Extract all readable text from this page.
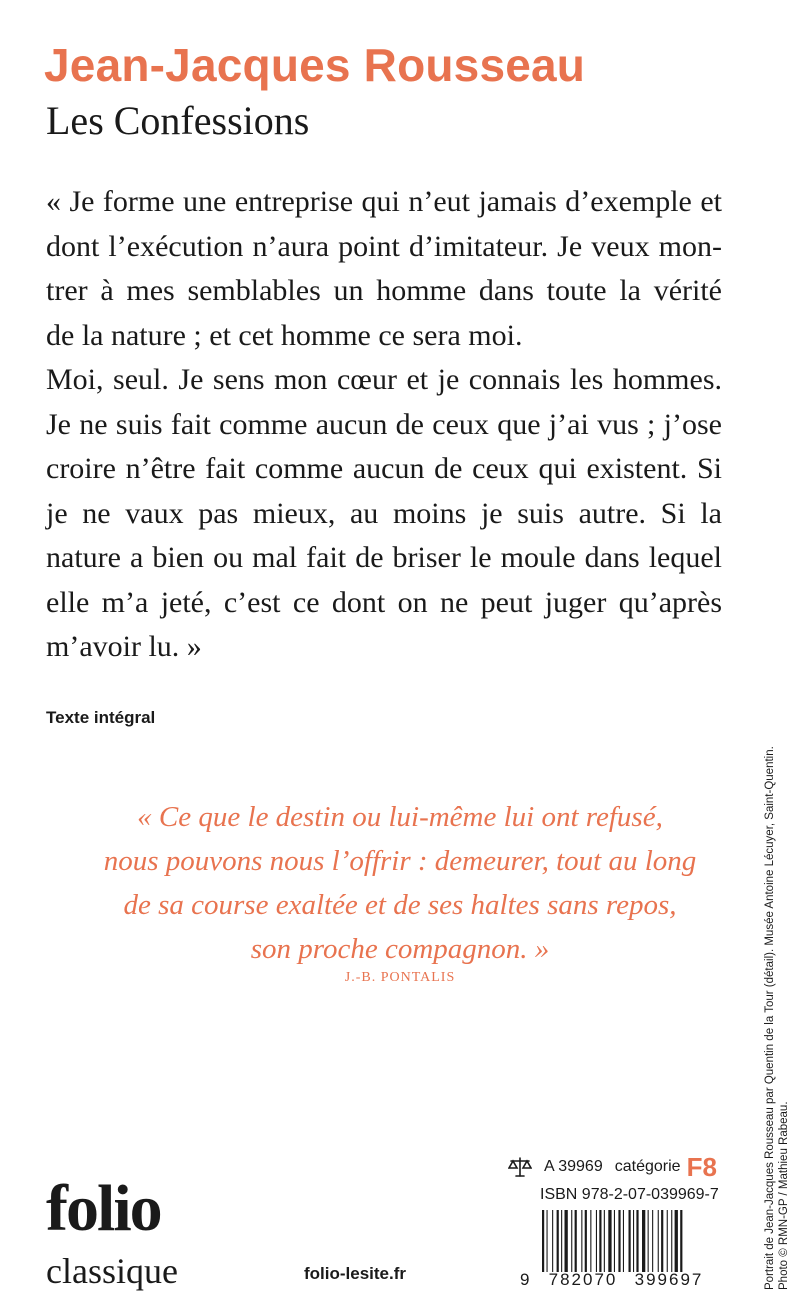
Jean-Jacques Rousseau
Les Confessions
« Je forme une entreprise qui n’eut jamais d’exemple et
dont l’exécution n’aura point d’imitateur. Je veux mon-
trer à mes semblables un homme dans toute la vérité
de la nature ; et cet homme ce sera moi.
Moi, seul. Je sens mon cœur et je connais les hommes.
Je ne suis fait comme aucun de ceux que j’ai vus ; j’ose
croire n’être fait comme aucun de ceux qui existent. Si
je ne vaux pas mieux, au moins je suis autre. Si la
nature a bien ou mal fait de briser le moule dans lequel
elle m’a jeté, c’est ce dont on ne peut juger qu’après
m’avoir lu. »
Texte intégral
« Ce que le destin ou lui-même lui ont refusé,
nous pouvons nous l’offrir : demeurer, tout au long
de sa course exaltée et de ses haltes sans repos,
son proche compagnon. »
J.-B. PONTALIS	Portrait de Jean-Jacques Rousseau par Quentin de la Tour (détail). Musée Antoine Lécuyer, Saint-Quentin. Photo © RMN-GP / Mathieu Rabeau.
folio
classique	folio-lesite.fr
A 39969 catégorie F8
ISBN 978-2-07-039969-7
9	782070	399697
